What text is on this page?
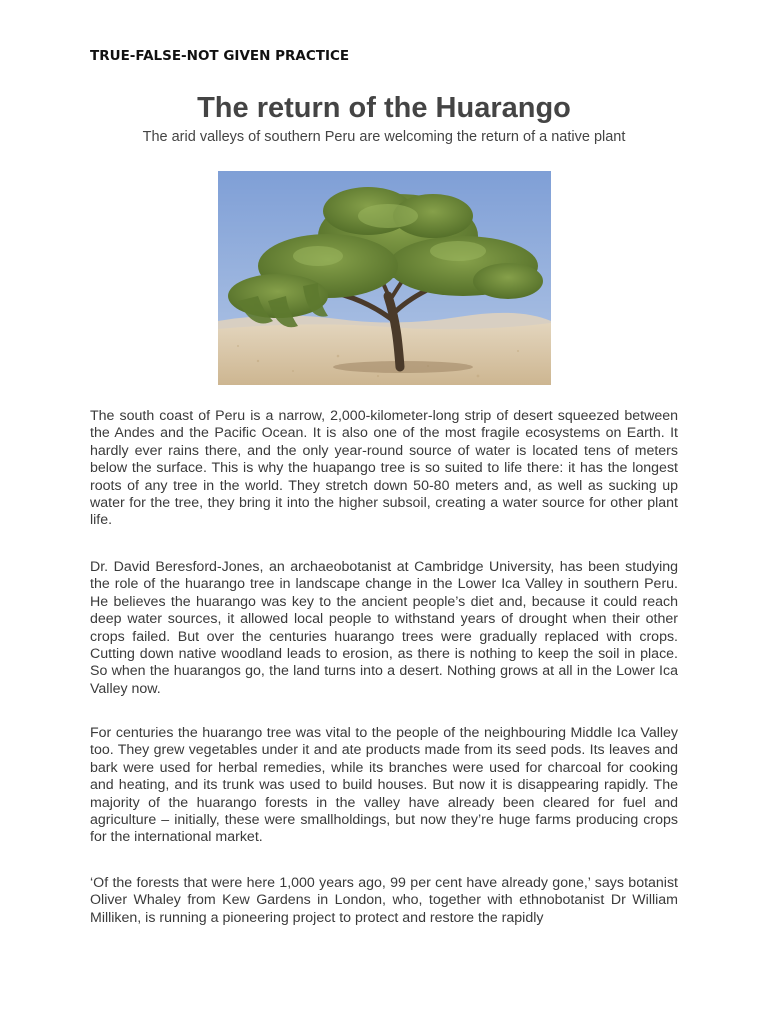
TRUE-FALSE-NOT GIVEN PRACTICE
The return of the Huarango
The arid valleys of southern Peru are welcoming the return of a native plant
The south coast of Peru is a narrow, 2,000-kilometer-long strip of desert squeezed between the Andes and the Pacific Ocean. It is also one of the most fragile ecosystems on Earth. It hardly ever rains there, and the only year-round source of water is located tens of meters below the surface. This is why the huapango tree is so suited to life there: it has the longest roots of any tree in the world. They stretch down 50-80 meters and, as well as sucking up water for the tree, they bring it into the higher subsoil, creating a water source for other plant life.
Dr. David Beresford-Jones, an archaeobotanist at Cambridge University, has been studying the role of the huarango tree in landscape change in the Lower Ica Valley in southern Peru. He believes the huarango was key to the ancient people’s diet and, because it could reach deep water sources, it allowed local people to withstand years of drought when their other crops failed. But over the centuries huarango trees were gradually replaced with crops. Cutting down native woodland leads to erosion, as there is nothing to keep the soil in place. So when the huarangos go, the land turns into a desert. Nothing grows at all in the Lower Ica Valley now.
For centuries the huarango tree was vital to the people of the neighbouring Middle Ica Valley too. They grew vegetables under it and ate products made from its seed pods. Its leaves and bark were used for herbal remedies, while its branches were used for charcoal for cooking and heating, and its trunk was used to build houses. But now it is disappearing rapidly. The majority of the huarango forests in the valley have already been cleared for fuel and agriculture – initially, these were smallholdings, but now they’re huge farms producing crops for the international market.
‘Of the forests that were here 1,000 years ago, 99 per cent have already gone,’ says botanist Oliver Whaley from Kew Gardens in London, who, together with ethnobotanist Dr William Milliken, is running a pioneering project to protect and restore the rapidly
